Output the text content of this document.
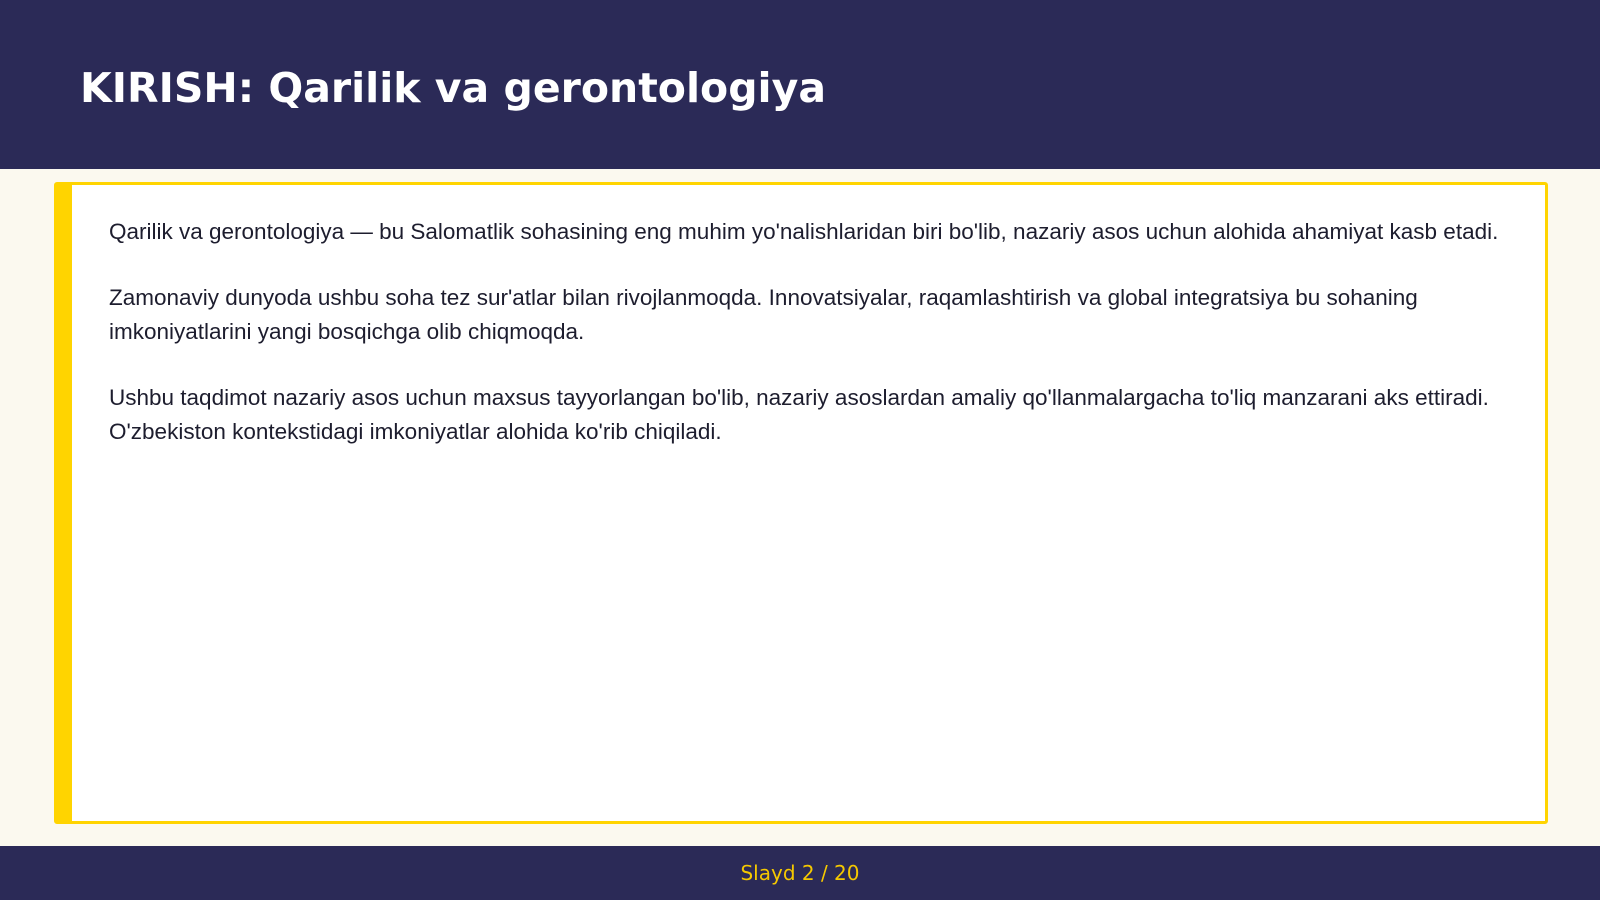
KIRISH: Qarilik va gerontologiya

Qarilik va gerontologiya — bu Salomatlik sohasining eng muhim yo'nalishlaridan biri bo'lib, nazariy asos uchun alohida ahamiyat kasb etadi.

Zamonaviy dunyoda ushbu soha tez sur'atlar bilan rivojlanmoqda. Innovatsiyalar, raqamlashtirish va global integratsiya bu sohaning imkoniyatlarini yangi bosqichga olib chiqmoqda.

Ushbu taqdimot nazariy asos uchun maxsus tayyorlangan bo'lib, nazariy asoslardan amaliy qo'llanmalargacha to'liq manzarani aks ettiradi. O'zbekiston kontekstidagi imkoniyatlar alohida ko'rib chiqiladi.

Slayd 2 / 20
